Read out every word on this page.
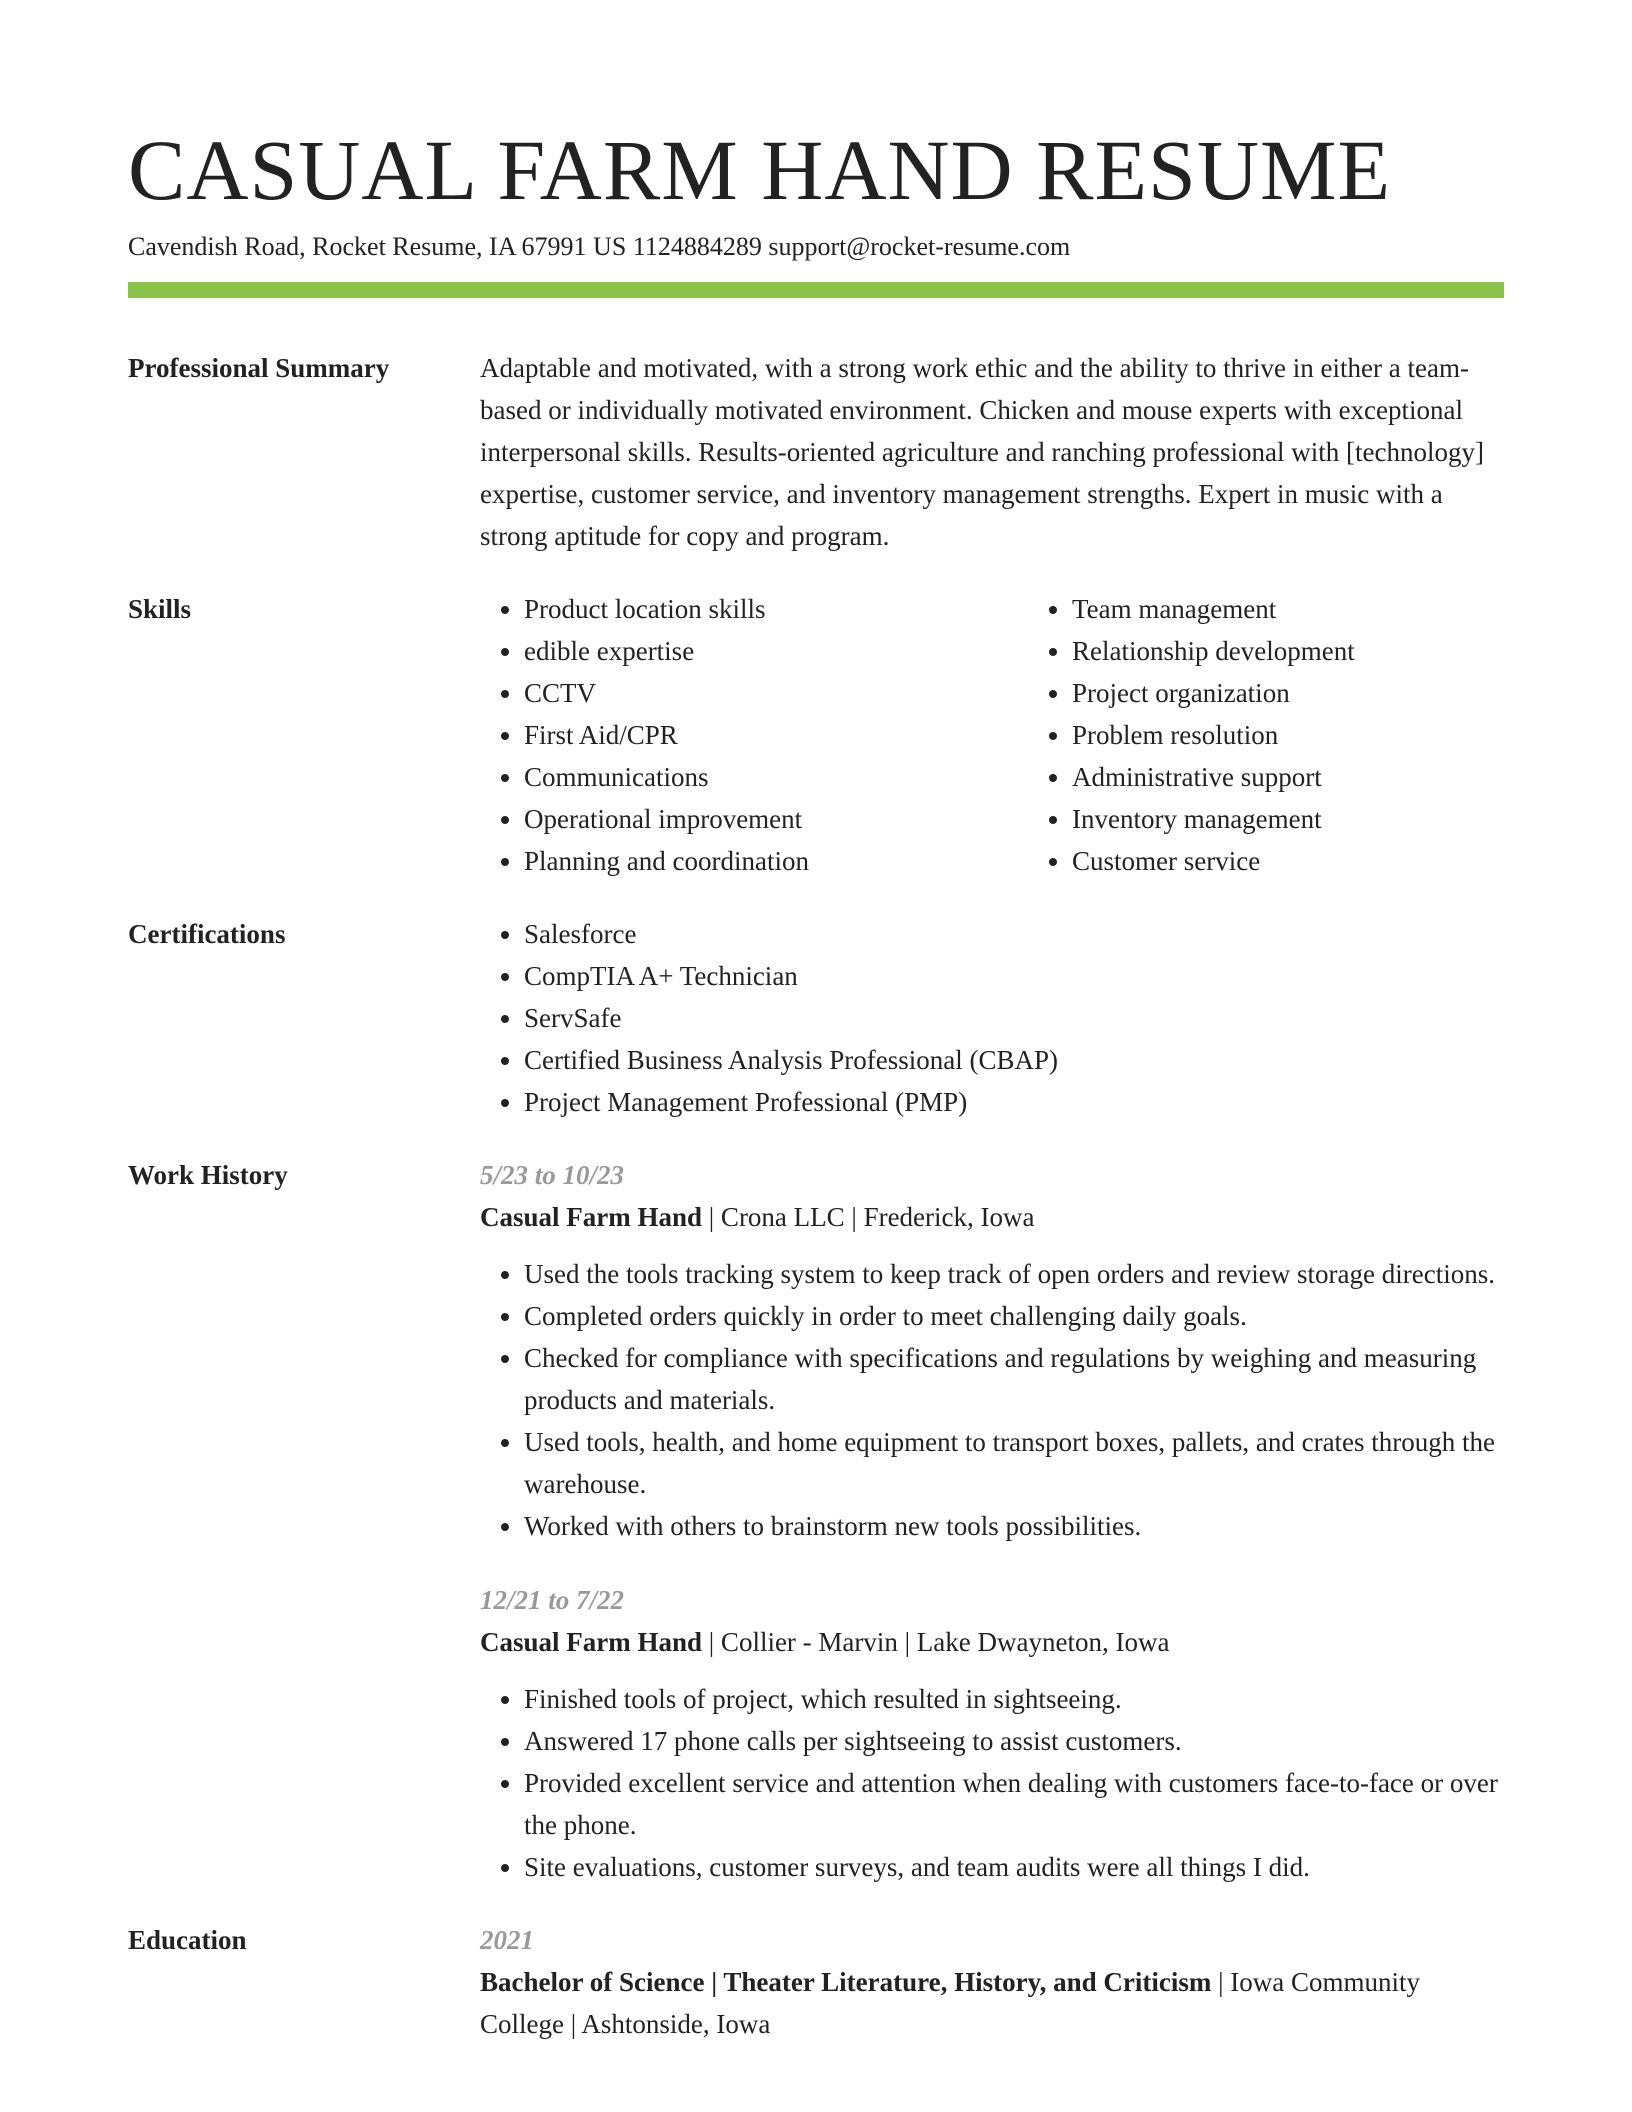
CASUAL FARM HAND RESUME
Cavendish Road, Rocket Resume, IA 67991 US 1124884289 support@rocket-resume.com
Professional Summary	Adaptable and motivated, with a strong work ethic and the ability to thrive in either a team-based or individually motivated environment. Chicken and mouse experts with exceptional interpersonal skills. Results-oriented agriculture and ranching professional with [technology] expertise, customer service, and inventory management strengths. Expert in music with a strong aptitude for copy and program.

Skills	• Product location skills
• edible expertise
• CCTV
• First Aid/CPR
• Communications
• Operational improvement
• Planning and coordination
• Team management
• Relationship development
• Project organization
• Problem resolution
• Administrative support
• Inventory management
• Customer service
Certifications	• Salesforce
• CompTIA A+ Technician
• ServSafe
• Certified Business Analysis Professional (CBAP)
• Project Management Professional (PMP)
Work History	5/23 to 10/23
Casual Farm Hand | Crona LLC | Frederick, Iowa
• Used the tools tracking system to keep track of open orders and review storage directions.
• Completed orders quickly in order to meet challenging daily goals.
• Checked for compliance with specifications and regulations by weighing and measuring products and materials.
• Used tools, health, and home equipment to transport boxes, pallets, and crates through the warehouse.
• Worked with others to brainstorm new tools possibilities.
12/21 to 7/22
Casual Farm Hand | Collier - Marvin | Lake Dwayneton, Iowa
• Finished tools of project, which resulted in sightseeing.
• Answered 17 phone calls per sightseeing to assist customers.
• Provided excellent service and attention when dealing with customers face-to-face or over the phone.
• Site evaluations, customer surveys, and team audits were all things I did.
Education	2021
Bachelor of Science | Theater Literature, History, and Criticism | Iowa Community College | Ashtonside, Iowa
